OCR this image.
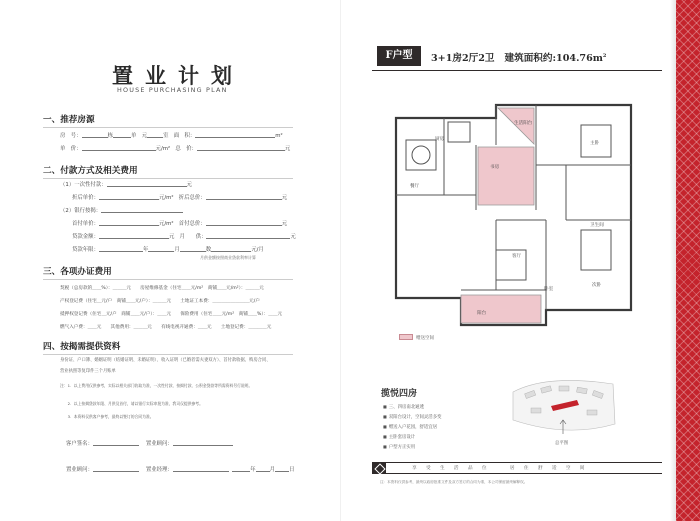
置业计划
HOUSE PURCHASING PLAN
一、推荐房源
房　号：	栋	单　元	室 面　积：	m²
单　价：	元/m² 总　价：	元
二、付款方式及相关费用
（1）一次性付款：	元
折后单价：	元/m² 折后总价：	元
（2）银行按揭：
首付单价：	元/m² 首付总价：	元
贷款金额：	元 月　　供：	元
贷款年限：	年	月	数	元/月
月供金额按照商业贷款利率计算
三、各项办证费用
契税（总房款的＿＿%）：＿＿＿元　　房屋维修基金（住宅＿＿元/m²　商铺＿＿元/m²）：＿＿＿元
产权登记费（住宅＿元/户　商铺＿＿元/户）：＿＿＿元　　土地证工本费：＿＿＿＿＿＿＿＿元/户
抵押权登记费（住宅＿元/户　商铺＿＿元/户）：＿＿元　　保险费用（住宅＿＿元/m²　商铺＿＿%）：＿＿元
燃气入户费：＿＿元　　其他费用：＿＿＿元　　有线电视开通费：＿＿元　　土地登记费：＿＿＿＿元
四、按揭需提供资料
身份证、户口簿、婚姻证明（结婚证明、未婚证明）、收入证明（已婚者需夫妻双方）、首付款收据、购房合同、
营业执照等复印件三个月账单
注：1．以上费用仅供参考，实际以相关部门收取为准，一次性付款、按揭付款、公积金贷款等所需资料另行说明。
　　2．以上按揭贷款年限、月供及首付，请以银行实际审批为准，我司仅提供参考。
　　3．本资料仅供客户参考，最终以签订的合同为准。
客户签名：	置业顾问：
置业顾问：	置业经理：	年	月	日
F户型	3+1房2厅2卫 建筑面积约$:104.76m^2$
餐厅
厨房
书房
主卧
客厅
次卧
卫生间
卧室
阳台
生活阳台
赠送空间
揽悦四房
■ 三、四房南北通透
■ 双阳台设计，空间灵活多变
■ 赠送入户花园，舒适宜居
■ 主卧套房设计
■ 户型方正实用
总平图
享受生活品位　居住舒适空间
注：本资料仅供参考，最终以政府批准文件及双方签订的合同为准，本公司保留最终解释权。
